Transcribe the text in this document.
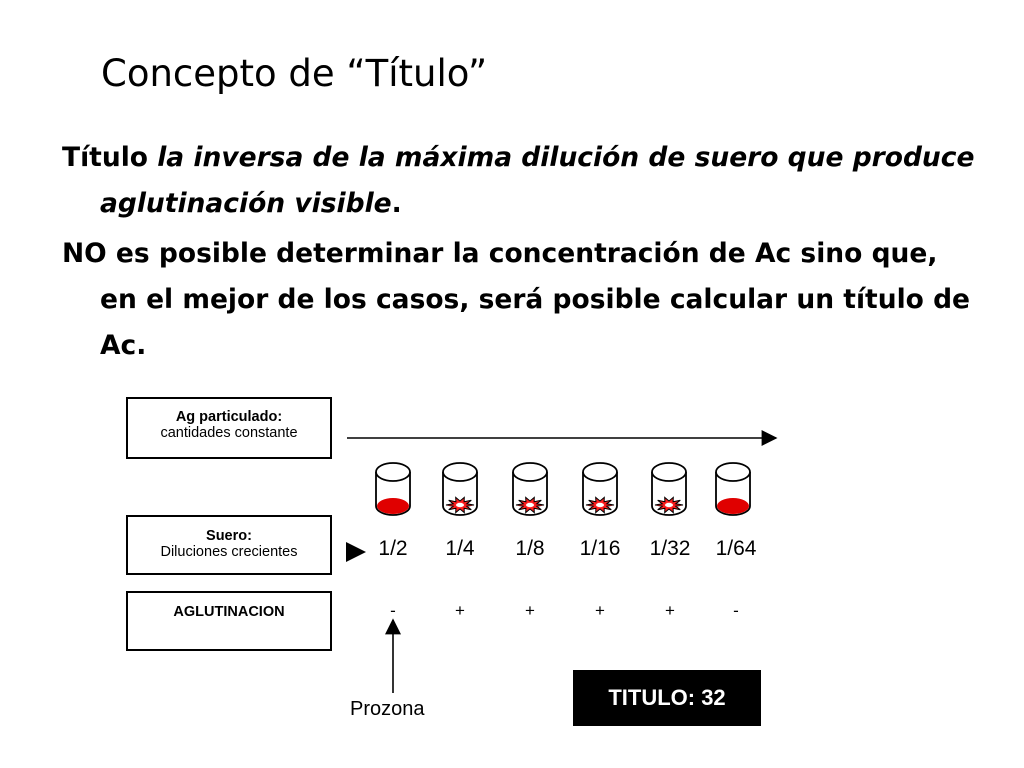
Concepto de “Título”

Título la inversa de la máxima dilución de suero que produce aglutinación visible.

NO es posible determinar la concentración de Ac sino que, en el mejor de los casos, será posible calcular un título de Ac.

Ag particulado:
cantidades constante
Suero:
Diluciones crecientes
AGLUTINACION
1/2	1/4	1/8	1/16	1/32	1/64
-	+	+	+	+	-
Prozona	TITULO: 32
